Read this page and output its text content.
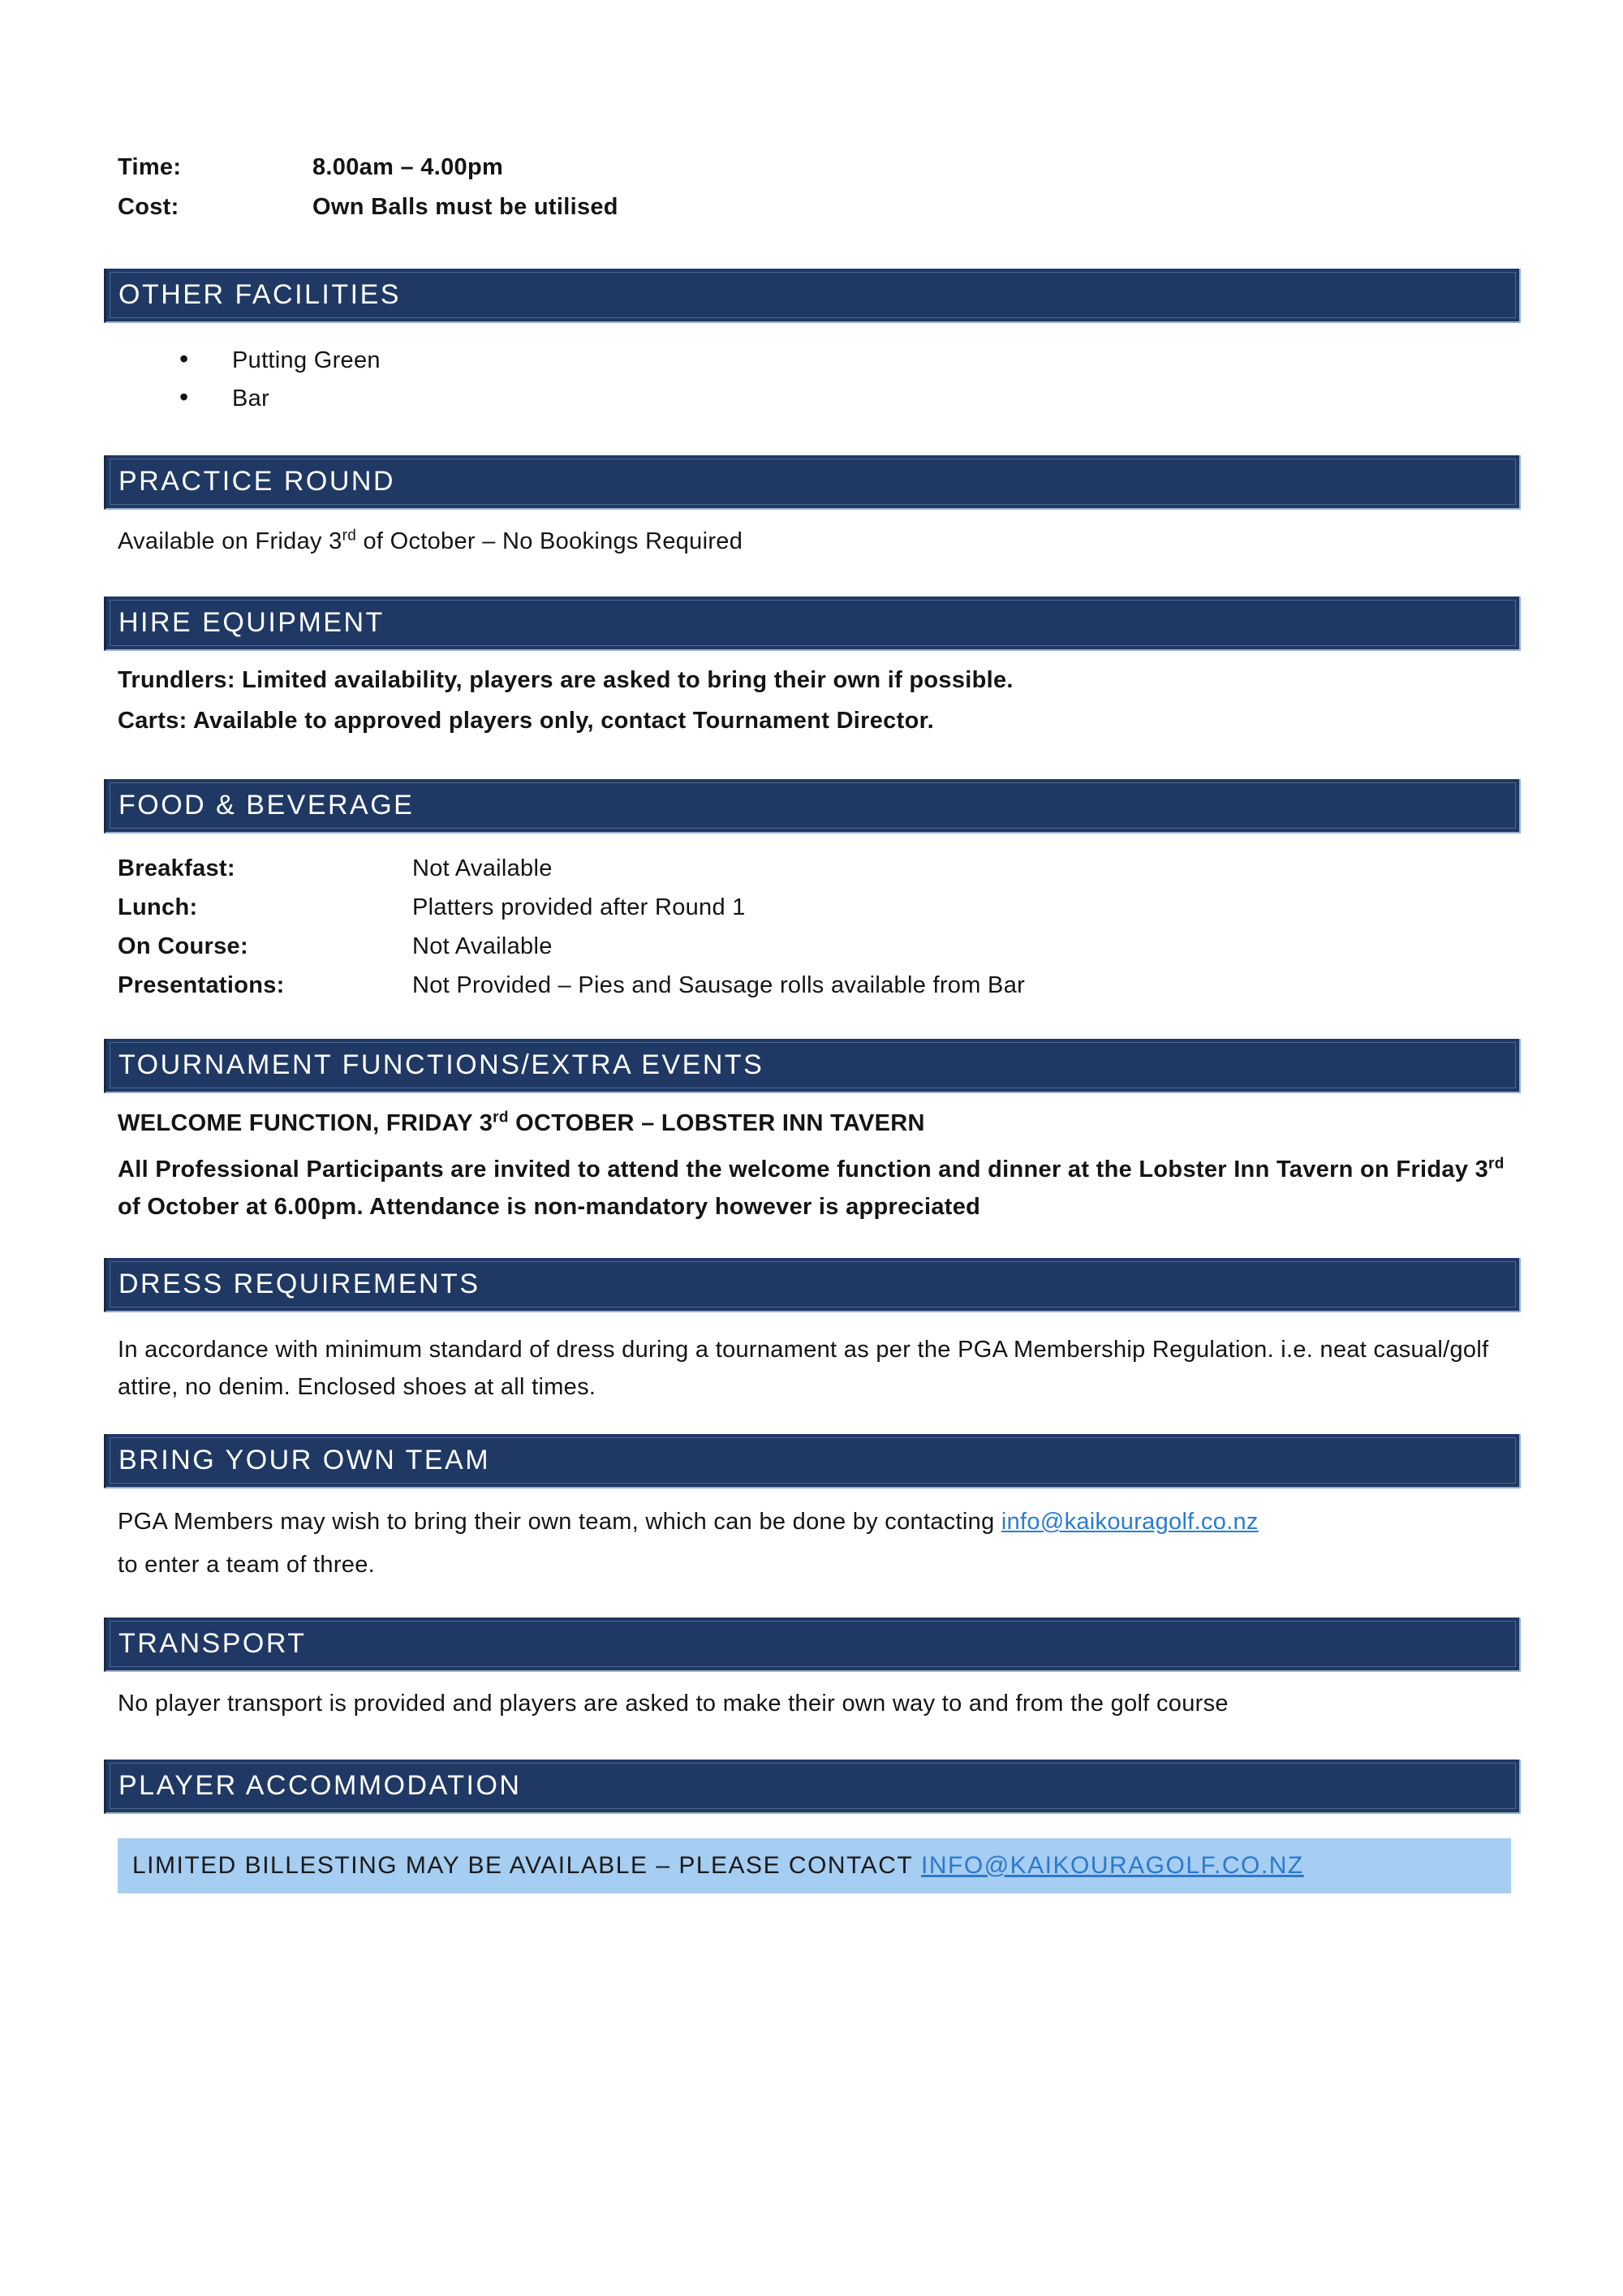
Time:	8.00am – 4.00pm
Cost:	Own Balls must be utilised
OTHER FACILITIES
• Putting Green
• Bar
PRACTICE ROUND
Available on Friday 3rd of October – No Bookings Required
HIRE EQUIPMENT
Trundlers: Limited availability, players are asked to bring their own if possible.
Carts: Available to approved players only, contact Tournament Director.
FOOD & BEVERAGE
Breakfast:	Not Available
Lunch:	Platters provided after Round 1
On Course:	Not Available
Presentations:	Not Provided – Pies and Sausage rolls available from Bar
TOURNAMENT FUNCTIONS/EXTRA EVENTS
WELCOME FUNCTION, FRIDAY 3rd OCTOBER – LOBSTER INN TAVERN
All Professional Participants are invited to attend the welcome function and dinner at the Lobster Inn Tavern on Friday 3rd of October at 6.00pm. Attendance is non-mandatory however is appreciated
DRESS REQUIREMENTS
In accordance with minimum standard of dress during a tournament as per the PGA Membership Regulation. i.e. neat casual/golf attire, no denim. Enclosed shoes at all times.
BRING YOUR OWN TEAM
PGA Members may wish to bring their own team, which can be done by contacting info@kaikouragolf.co.nz
to enter a team of three.
TRANSPORT
No player transport is provided and players are asked to make their own way to and from the golf course
PLAYER ACCOMMODATION
LIMITED BILLESTING MAY BE AVAILABLE – PLEASE CONTACT
INFO@KAIKOURAGOLF.CO.NZ
